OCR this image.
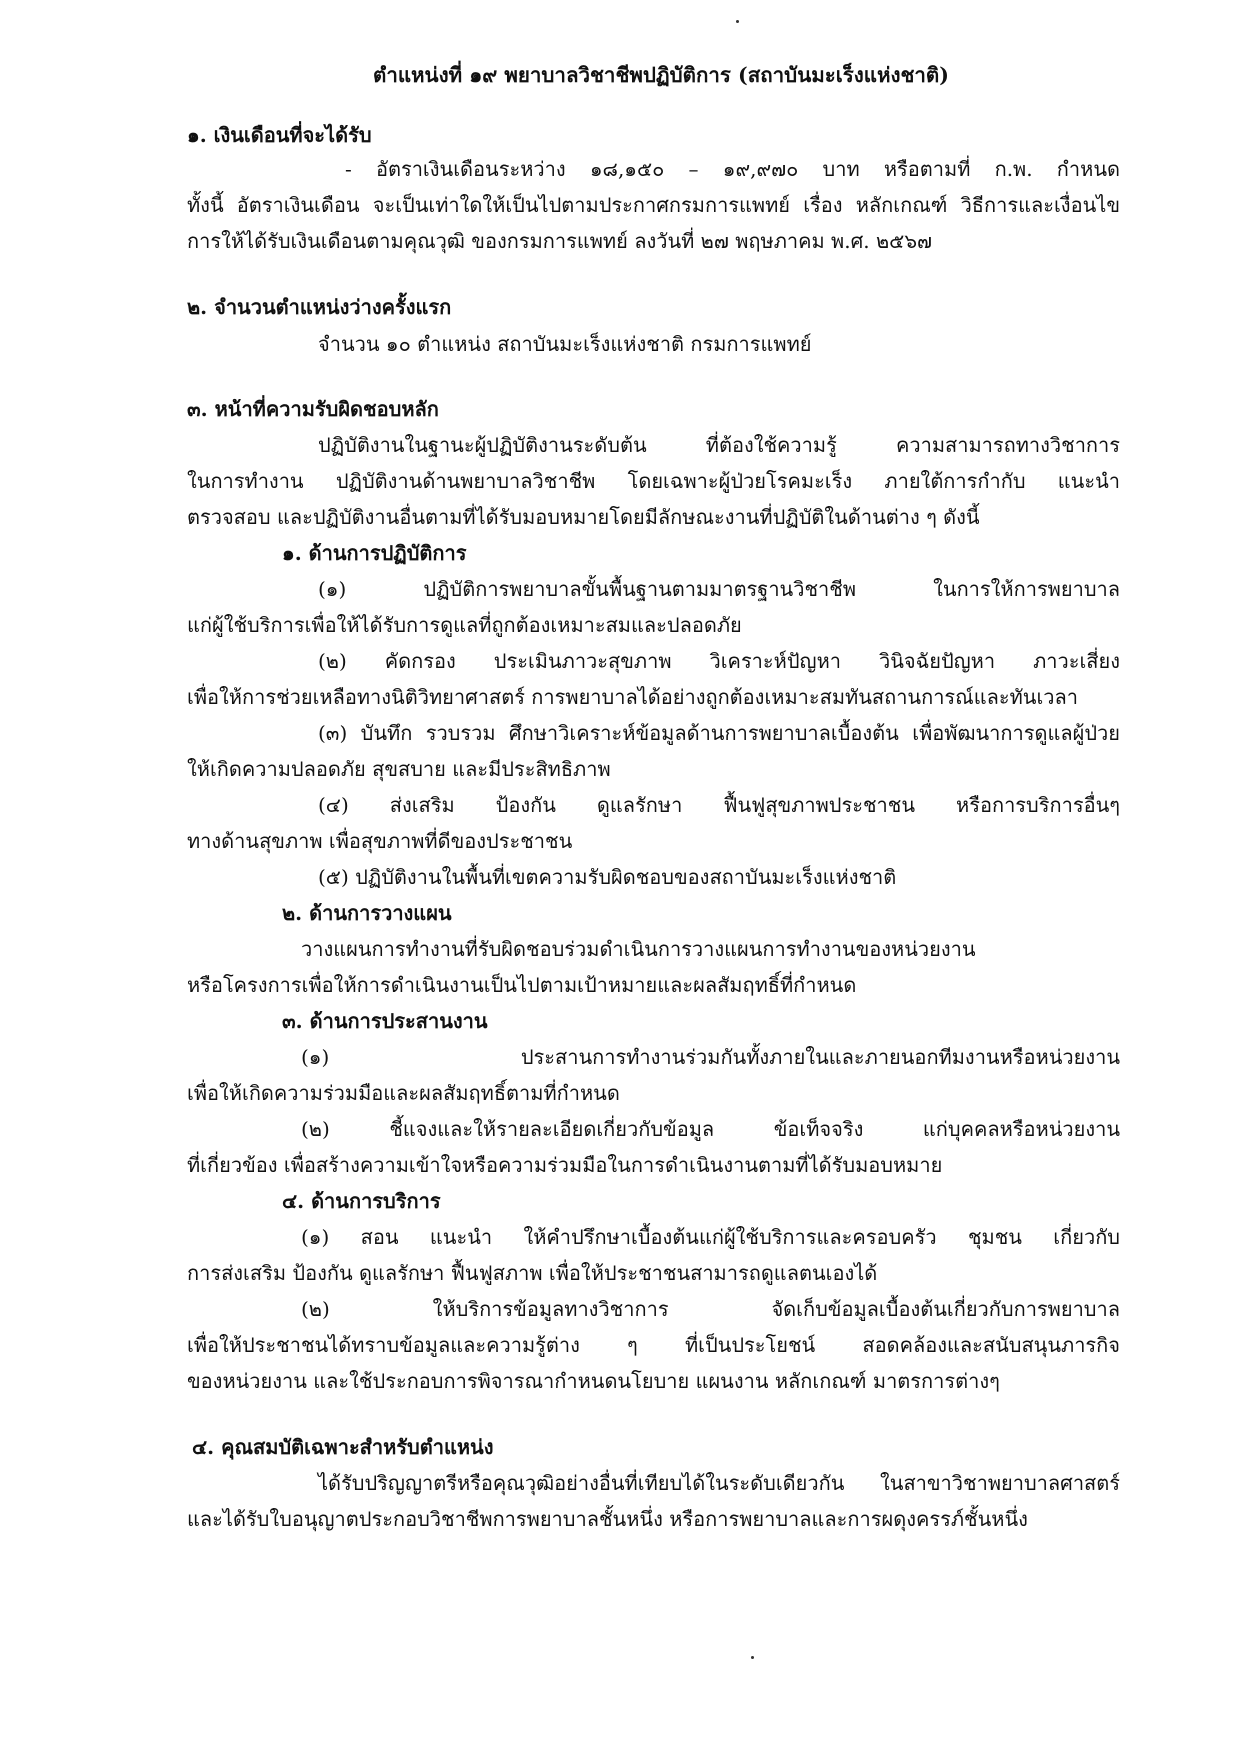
ตำแหน่งที่ ๑๙ พยาบาลวิชาชีพปฏิบัติการ (สถาบันมะเร็งแห่งชาติ)

๑. เงินเดือนที่จะได้รับ

- อัตราเงินเดือนระหว่าง ๑๘,๑๕๐ – ๑๙,๙๗๐ บาท หรือตามที่ ก.พ. กำหนด

ทั้งนี้ อัตราเงินเดือน จะเป็นเท่าใดให้เป็นไปตามประกาศกรมการแพทย์ เรื่อง หลักเกณฑ์ วิธีการและเงื่อนไข

การให้ได้รับเงินเดือนตามคุณวุฒิ ของกรมการแพทย์ ลงวันที่ ๒๗ พฤษภาคม พ.ศ. ๒๕๖๗

๒. จำนวนตำแหน่งว่างครั้งแรก

จำนวน ๑๐ ตำแหน่ง สถาบันมะเร็งแห่งชาติ กรมการแพทย์

๓. หน้าที่ความรับผิดชอบหลัก

ปฏิบัติงานในฐานะผู้ปฏิบัติงานระดับต้น ที่ต้องใช้ความรู้ ความสามารถทางวิชาการ

ในการทำงาน ปฏิบัติงานด้านพยาบาลวิชาชีพ โดยเฉพาะผู้ป่วยโรคมะเร็ง ภายใต้การกำกับ แนะนำ

ตรวจสอบ และปฏิบัติงานอื่นตามที่ได้รับมอบหมายโดยมีลักษณะงานที่ปฏิบัติในด้านต่าง ๆ ดังนี้

๑. ด้านการปฏิบัติการ

(๑) ปฏิบัติการพยาบาลขั้นพื้นฐานตามมาตรฐานวิชาชีพ ในการให้การพยาบาล

แก่ผู้ใช้บริการเพื่อให้ได้รับการดูแลที่ถูกต้องเหมาะสมและปลอดภัย

(๒) คัดกรอง ประเมินภาวะสุขภาพ วิเคราะห์ปัญหา วินิจฉัยปัญหา ภาวะเสี่ยง

เพื่อให้การช่วยเหลือทางนิติวิทยาศาสตร์ การพยาบาลได้อย่างถูกต้องเหมาะสมทันสถานการณ์และทันเวลา

(๓) บันทึก รวบรวม ศึกษาวิเคราะห์ข้อมูลด้านการพยาบาลเบื้องต้น เพื่อพัฒนาการดูแลผู้ป่วย

ให้เกิดความปลอดภัย สุขสบาย และมีประสิทธิภาพ

(๔) ส่งเสริม ป้องกัน ดูแลรักษา ฟื้นฟูสุขภาพประชาชน หรือการบริการอื่นๆ

ทางด้านสุขภาพ เพื่อสุขภาพที่ดีของประชาชน

(๕) ปฏิบัติงานในพื้นที่เขตความรับผิดชอบของสถาบันมะเร็งแห่งชาติ

๒. ด้านการวางแผน

วางแผนการทำงานที่รับผิดชอบร่วมดำเนินการวางแผนการทำงานของหน่วยงาน

หรือโครงการเพื่อให้การดำเนินงานเป็นไปตามเป้าหมายและผลสัมฤทธิ์ที่กำหนด

๓. ด้านการประสานงาน

(๑) ประสานการทำงานร่วมกันทั้งภายในและภายนอกทีมงานหรือหน่วยงาน

เพื่อให้เกิดความร่วมมือและผลสัมฤทธิ์ตามที่กำหนด

(๒) ชี้แจงและให้รายละเอียดเกี่ยวกับข้อมูล ข้อเท็จจริง แก่บุคคลหรือหน่วยงาน

ที่เกี่ยวข้อง เพื่อสร้างความเข้าใจหรือความร่วมมือในการดำเนินงานตามที่ได้รับมอบหมาย

๔. ด้านการบริการ

(๑) สอน แนะนำ ให้คำปรึกษาเบื้องต้นแก่ผู้ใช้บริการและครอบครัว ชุมชน เกี่ยวกับ

การส่งเสริม ป้องกัน ดูแลรักษา ฟื้นฟูสภาพ เพื่อให้ประชาชนสามารถดูแลตนเองได้

(๒) ให้บริการข้อมูลทางวิชาการ จัดเก็บข้อมูลเบื้องต้นเกี่ยวกับการพยาบาล

เพื่อให้ประชาชนได้ทราบข้อมูลและความรู้ต่าง ๆ ที่เป็นประโยชน์ สอดคล้องและสนับสนุนภารกิจ

ของหน่วยงาน และใช้ประกอบการพิจารณากำหนดนโยบาย แผนงาน หลักเกณฑ์ มาตรการต่างๆ

๔. คุณสมบัติเฉพาะสำหรับตำแหน่ง

ได้รับปริญญาตรีหรือคุณวุฒิอย่างอื่นที่เทียบได้ในระดับเดียวกัน ในสาขาวิชาพยาบาลศาสตร์

และได้รับใบอนุญาตประกอบวิชาชีพการพยาบาลชั้นหนึ่ง หรือการพยาบาลและการผดุงครรภ์ชั้นหนึ่ง
